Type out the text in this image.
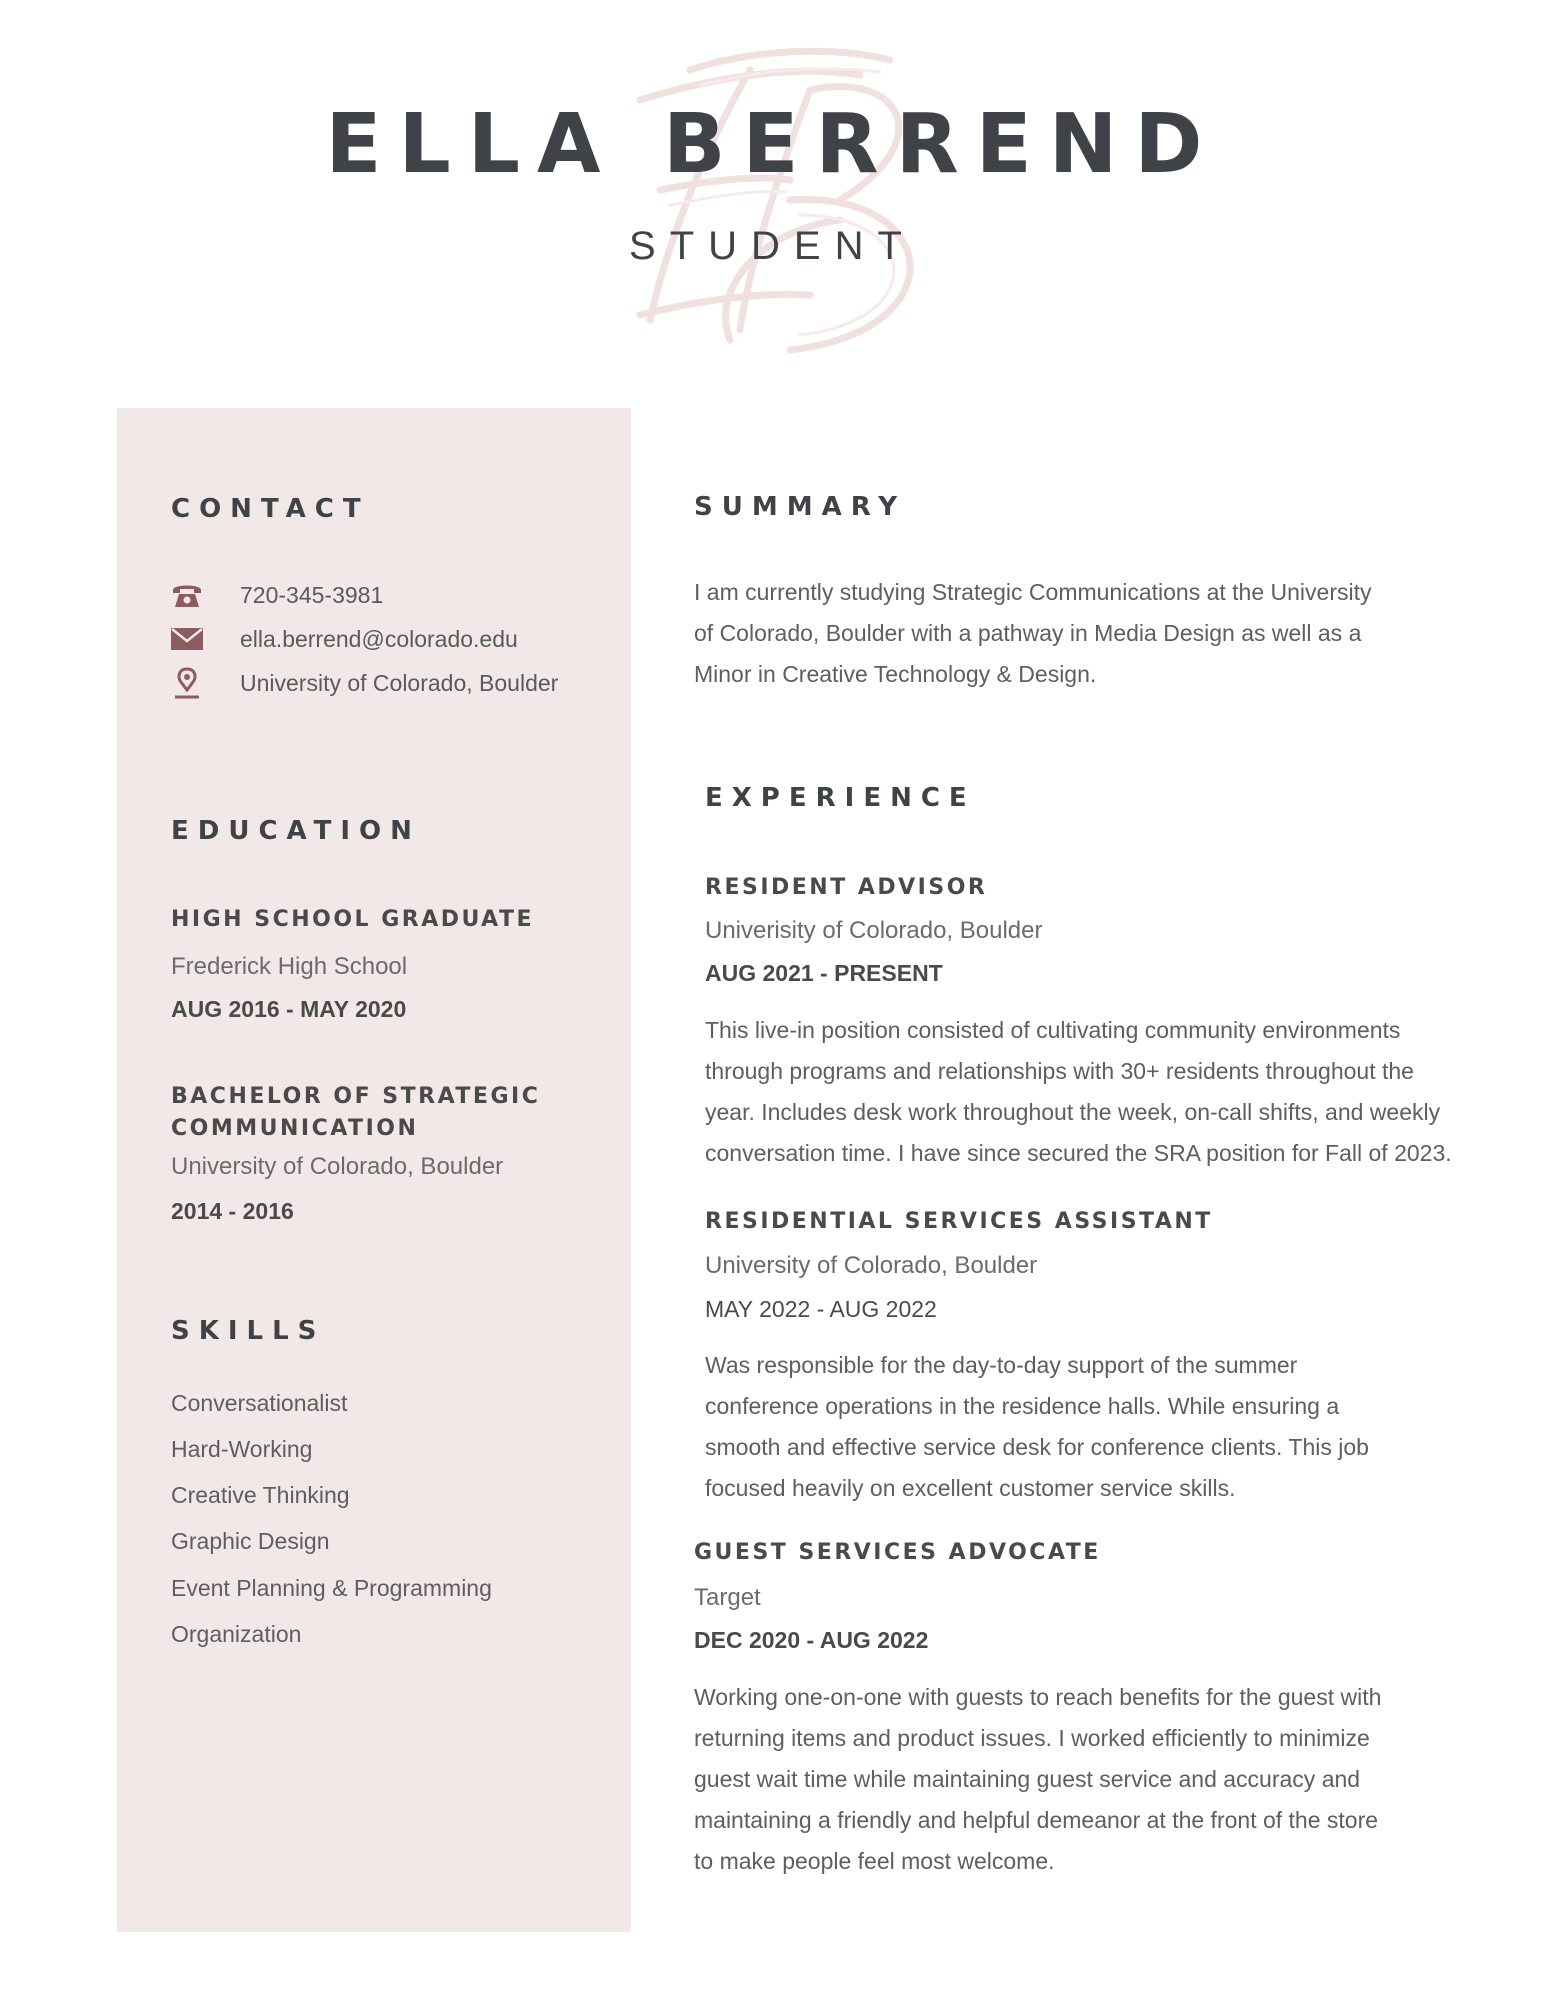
ELLA BERREND
STUDENT
CONTACT
720-345-3981
ella.berrend@colorado.edu
University of Colorado, Boulder
EDUCATION
HIGH SCHOOL GRADUATE
Frederick High School
AUG 2016 - MAY 2020
BACHELOR OF STRATEGIC
COMMUNICATION
University of Colorado, Boulder
2014 - 2016
SKILLS
Conversationalist
Hard-Working
Creative Thinking
Graphic Design
Event Planning & Programming
Organization
SUMMARY

I am currently studying Strategic Communications at the University
of Colorado, Boulder with a pathway in Media Design as well as a
Minor in Creative Technology & Design.

EXPERIENCE
RESIDENT ADVISOR
Univerisity of Colorado, Boulder
AUG 2021 - PRESENT

This live-in position consisted of cultivating community environments
through programs and relationships with 30+ residents throughout the
year. Includes desk work throughout the week, on-call shifts, and weekly
conversation time. I have since secured the SRA position for Fall of 2023.

RESIDENTIAL SERVICES ASSISTANT
University of Colorado, Boulder
MAY 2022 - AUG 2022

Was responsible for the day-to-day support of the summer
conference operations in the residence halls. While ensuring a
smooth and effective service desk for conference clients. This job
focused heavily on excellent customer service skills.

GUEST SERVICES ADVOCATE
Target
DEC 2020 - AUG 2022

Working one-on-one with guests to reach benefits for the guest with
returning items and product issues. I worked efficiently to minimize
guest wait time while maintaining guest service and accuracy and
maintaining a friendly and helpful demeanor at the front of the store
to make people feel most welcome.
